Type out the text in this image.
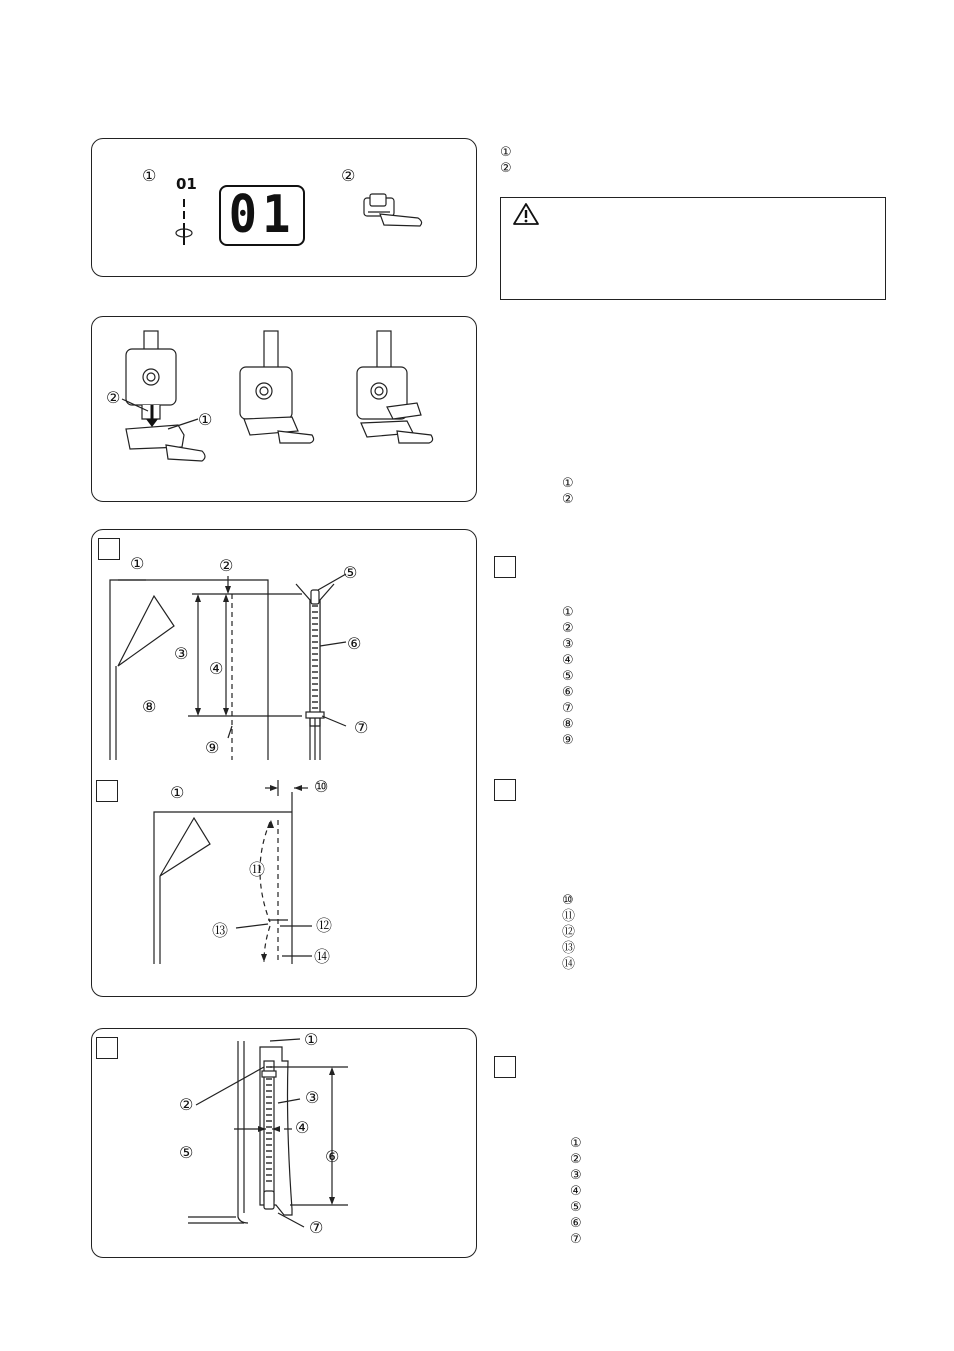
① 01
01
②
①
②
②
①
①
②
①	②
③
④
⑤
⑥
⑦
⑧
⑨
①	⑩
⑪
⑫
⑬
⑭
①
②
③
④
⑤
⑥
⑦
⑧
⑨
⑩
⑪
⑫
⑬
⑭
①
②	③
④
⑤	⑥
⑦
①
②
③
④
⑤
⑥
⑦
